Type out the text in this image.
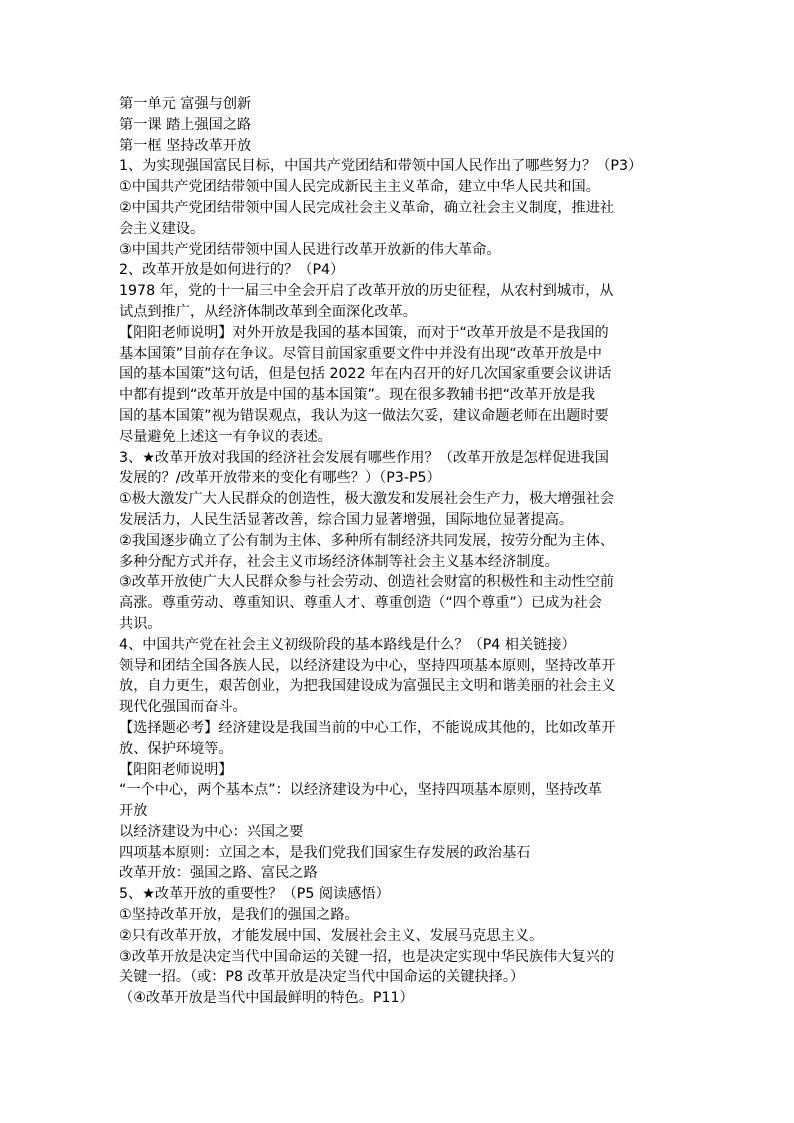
第一单元 富强与创新
第一课 踏上强国之路
第一框 坚持改革开放
1、为实现强国富民目标，中国共产党团结和带领中国人民作出了哪些努力？（P3）
①中国共产党团结带领中国人民完成新民主主义革命，建立中华人民共和国。
②中国共产党团结带领中国人民完成社会主义革命，确立社会主义制度，推进社
会主义建设。
③中国共产党团结带领中国人民进行改革开放新的伟大革命。
2、改革开放是如何进行的？（P4）
1978 年，党的十一届三中全会开启了改革开放的历史征程，从农村到城市，从
试点到推广，从经济体制改革到全面深化改革。
【阳阳老师说明】对外开放是我国的基本国策，而对于“改革开放是不是我国的
基本国策”目前存在争议。尽管目前国家重要文件中并没有出现“改革开放是中
国的基本国策”这句话，但是包括 2022 年在内召开的好几次国家重要会议讲话
中都有提到“改革开放是中国的基本国策”。现在很多教辅书把“改革开放是我
国的基本国策”视为错误观点，我认为这一做法欠妥，建议命题老师在出题时要
尽量避免上述这一有争议的表述。
3、★改革开放对我国的经济社会发展有哪些作用？（改革开放是怎样促进我国
发展的？/改革开放带来的变化有哪些？）（P3-P5）
①极大激发广大人民群众的创造性，极大激发和发展社会生产力，极大增强社会
发展活力，人民生活显著改善，综合国力显著增强，国际地位显著提高。
②我国逐步确立了公有制为主体、多种所有制经济共同发展，按劳分配为主体、
多种分配方式并存，社会主义市场经济体制等社会主义基本经济制度。
③改革开放使广大人民群众参与社会劳动、创造社会财富的积极性和主动性空前
高涨。尊重劳动、尊重知识、尊重人才、尊重创造（“四个尊重”）已成为社会
共识。
4、中国共产党在社会主义初级阶段的基本路线是什么？（P4 相关链接）
领导和团结全国各族人民，以经济建设为中心，坚持四项基本原则，坚持改革开
放，自力更生，艰苦创业，为把我国建设成为富强民主文明和谐美丽的社会主义
现代化强国而奋斗。
【选择题必考】经济建设是我国当前的中心工作，不能说成其他的，比如改革开
放、保护环境等。
【阳阳老师说明】
“一个中心，两个基本点”：以经济建设为中心，坚持四项基本原则，坚持改革
开放
以经济建设为中心：兴国之要
四项基本原则：立国之本，是我们党我们国家生存发展的政治基石
改革开放：强国之路、富民之路
5、★改革开放的重要性？（P5 阅读感悟）
①坚持改革开放，是我们的强国之路。
②只有改革开放，才能发展中国、发展社会主义、发展马克思主义。
③改革开放是决定当代中国命运的关键一招，也是决定实现中华民族伟大复兴的
关键一招。（或：P8 改革开放是决定当代中国命运的关键抉择。）
（④改革开放是当代中国最鲜明的特色。P11）
